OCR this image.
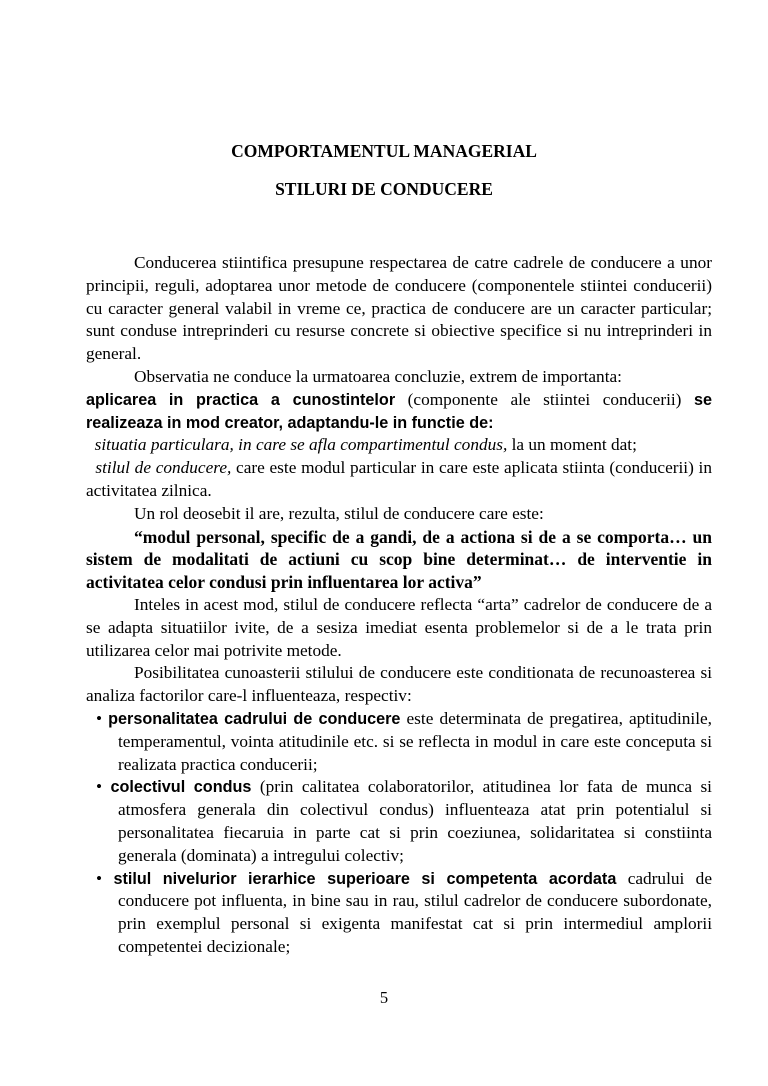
COMPORTAMENTUL MANAGERIAL
STILURI DE CONDUCERE

Conducerea stiintifica presupune respectarea de catre cadrele de conducere a unor principii, reguli, adoptarea unor metode de conducere (componentele stiintei conducerii) cu caracter general valabil in vreme ce, practica de conducere are un caracter particular; sunt conduse intreprinderi cu resurse concrete si obiective specifice si nu intreprinderi in general.

Observatia ne conduce la urmatoarea concluzie, extrem de importanta:

aplicarea in practica a cunostintelor (componente ale stiintei conducerii) se realizeaza in mod creator, adaptandu-le in functie de:

situatia particulara, in care se afla compartimentul condus, la un moment dat;

stilul de conducere, care este modul particular in care este aplicata stiinta (conducerii) in activitatea zilnica.

Un rol deosebit il are, rezulta, stilul de conducere care este:

“modul personal, specific de a gandi, de a actiona si de a se comporta… un sistem de modalitati de actiuni cu scop bine determinat… de interventie in activitatea celor condusi prin influentarea lor activa”

Inteles in acest mod, stilul de conducere reflecta “arta” cadrelor de conducere de a se adapta situatiilor ivite, de a sesiza imediat esenta problemelor si de a le trata prin utilizarea celor mai potrivite metode.

Posibilitatea cunoasterii stilului de conducere este conditionata de recunoasterea si analiza factorilor care-l influenteaza, respectiv:

• personalitatea cadrului de conducere este determinata de pregatirea, aptitudinile, temperamentul, vointa atitudinile etc. si se reflecta in modul in care este conceputa si realizata practica conducerii;
• colectivul condus (prin calitatea colaboratorilor, atitudinea lor fata de munca si atmosfera generala din colectivul condus) influenteaza atat prin potentialul si personalitatea fiecaruia in parte cat si prin coeziunea, solidaritatea si constiinta generala (dominata) a intregului colectiv;
• stilul nivelurior ierarhice superioare si competenta acordata cadrului de conducere pot influenta, in bine sau in rau, stilul cadrelor de conducere subordonate, prin exemplul personal si exigenta manifestat cat si prin intermediul amplorii competentei decizionale;
5
